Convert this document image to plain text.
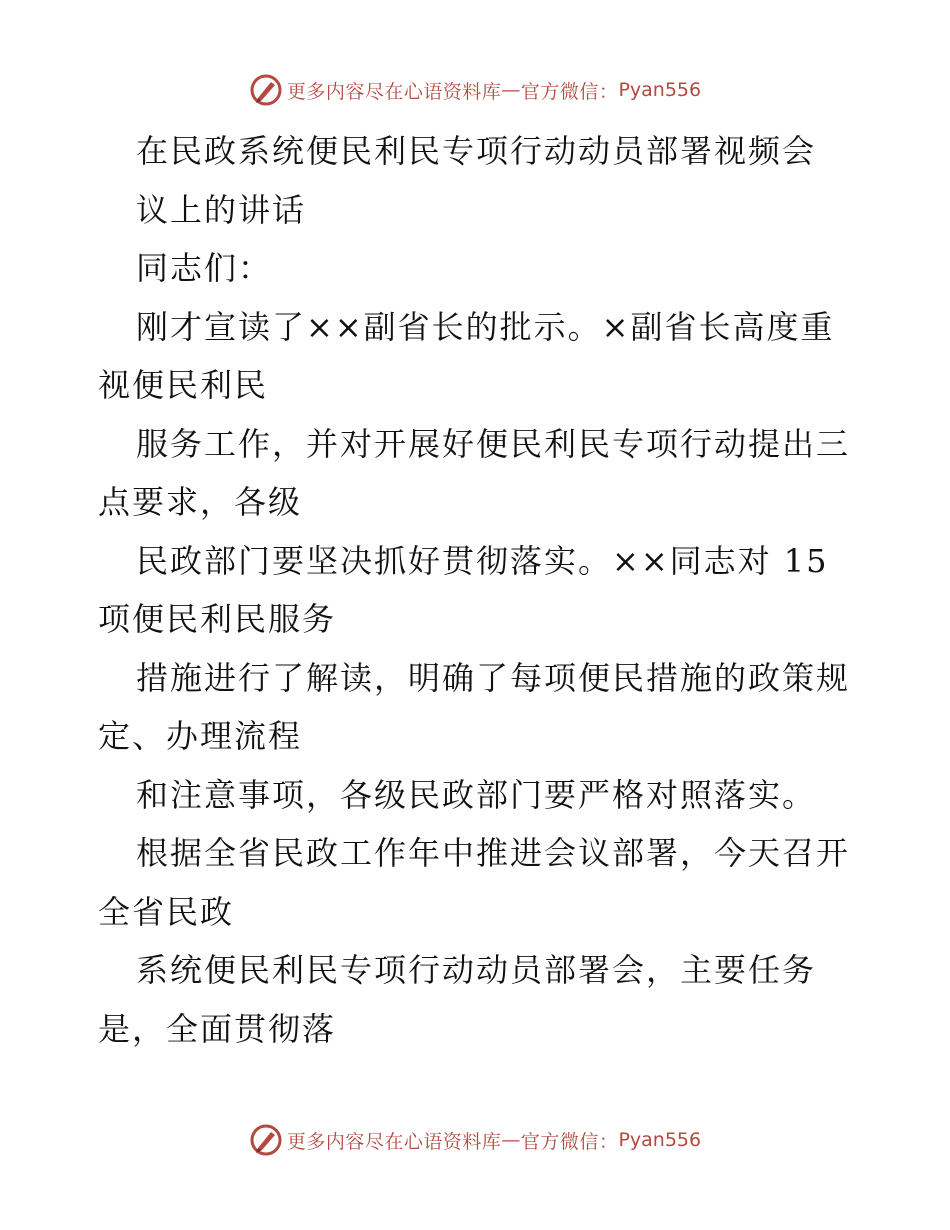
更多内容尽在心语资料库 — 官方微信： Pyan556

在民政系统便民利民专项行动动员部署视频会

议上的讲话

同志们：

刚才宣读了××副省长的批示。×副省长高度重视便民利民

服务工作，并对开展好便民利民专项行动提出三点要求，各级

民政部门要坚决抓好贯彻落实。××同志对 15项便民利民服务

措施进行了解读，明确了每项便民措施的政策规定、办理流程

和注意事项，各级民政部门要严格对照落实。

根据全省民政工作年中推进会议部署，今天召开全省民政

系统便民利民专项行动动员部署会，主要任务是，全面贯彻落

更多内容尽在心语资料库 — 官方微信： Pyan556
